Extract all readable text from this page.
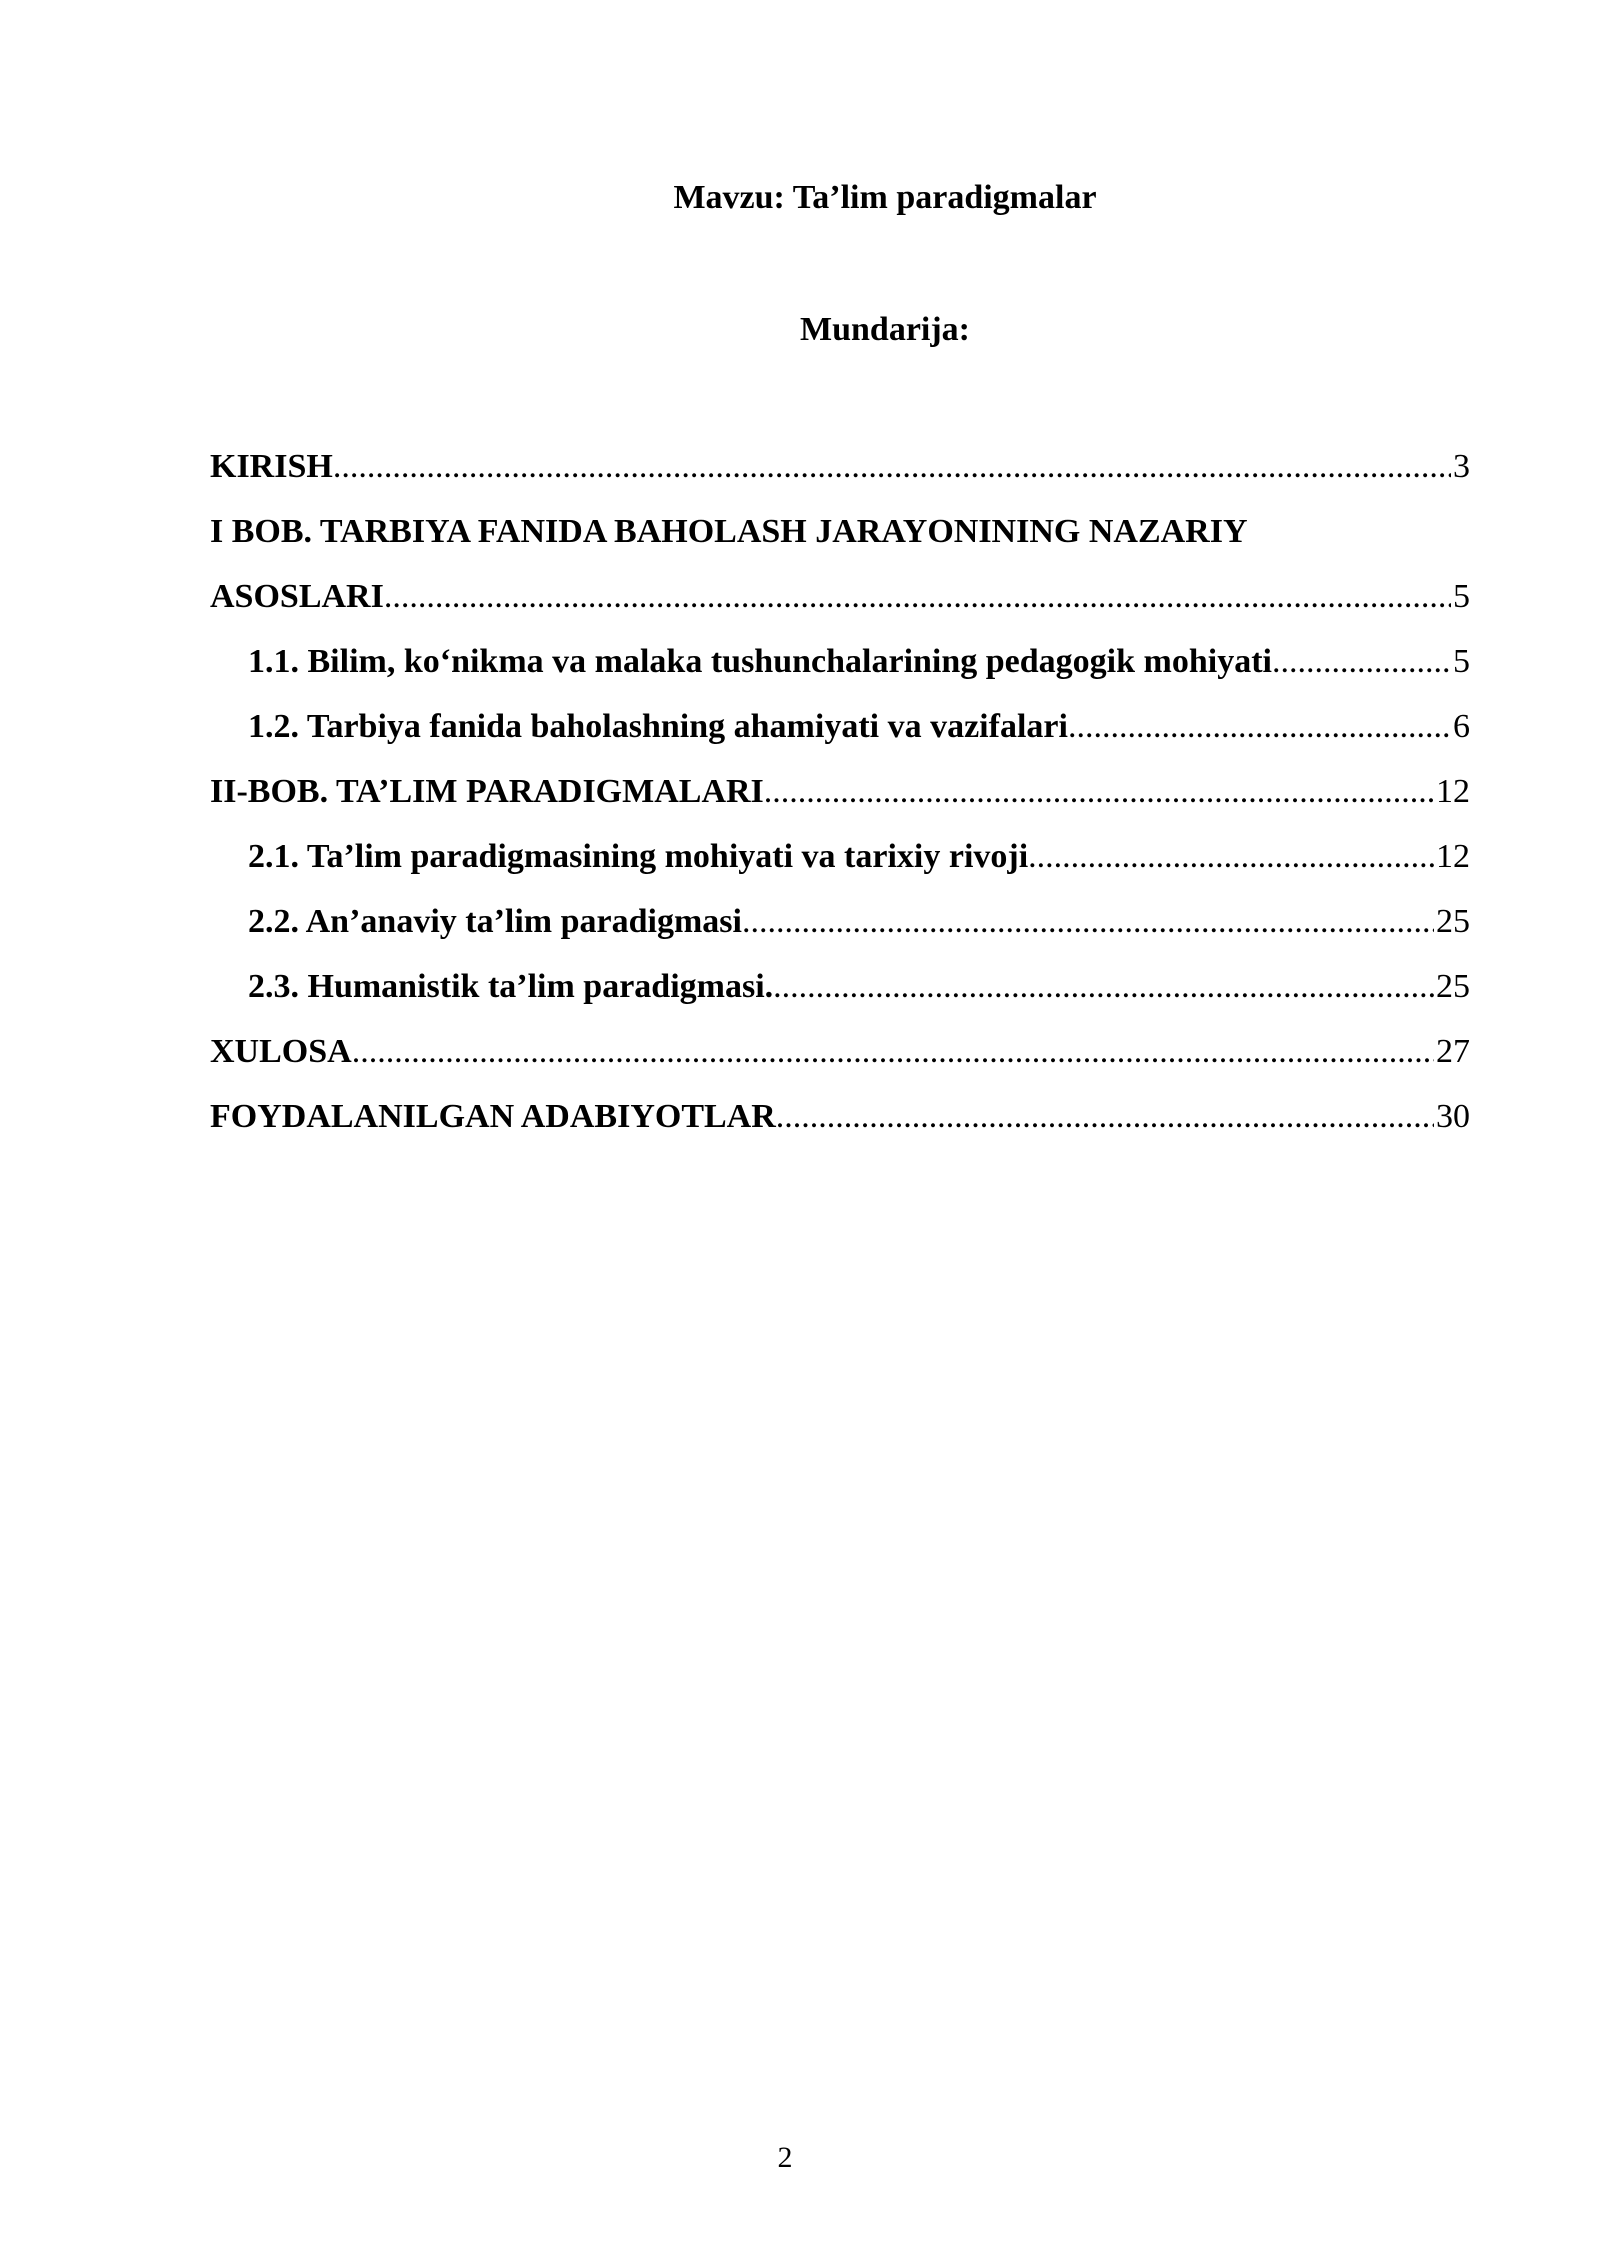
Mavzu: Ta’lim paradigmalar
Mundarija:
KIRISH .....	3
I BOB. TARBIYA FANIDA BAHOLASH JARAYONINING NAZARIY
ASOSLARI .....	5
1.1. Bilim, ko‘nikma va malaka tushunchalarining pedagogik mohiyati .....	5
1.2. Tarbiya fanida baholashning ahamiyati va vazifalari .....	6
II-BOB. TA’LIM PARADIGMALARI .....	12
2.1. Ta’lim paradigmasining mohiyati va tarixiy rivoji .....	12
2.2. An’anaviy ta’lim paradigmasi .....	25
2.3. Humanistik ta’lim paradigmasi. .....	25
XULOSA .....	27
FOYDALANILGAN ADABIYOTLAR .....	30
2
